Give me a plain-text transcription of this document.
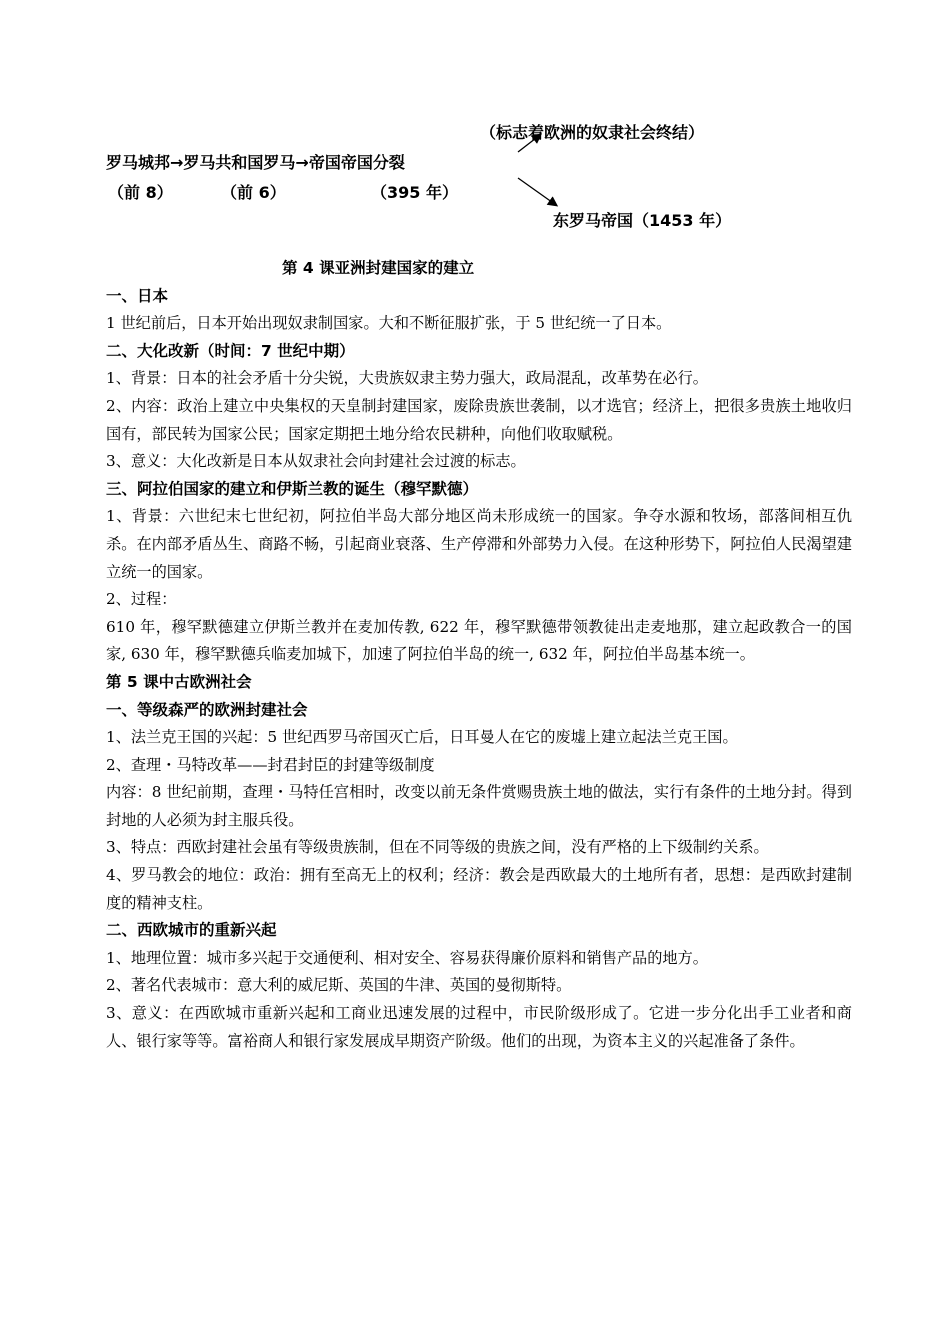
（标志着欧洲的奴隶社会终结）
罗马城邦→罗马共和国罗马→帝国帝国分裂
（前 8）	（前 6）	（395 年）
东罗马帝国（1453 年）

第 4 课亚洲封建国家的建立

一、日本

1 世纪前后，日本开始出现奴隶制国家。大和不断征服扩张，于 5 世纪统一了日本。

二、大化改新（时间：7 世纪中期）

1、背景：日本的社会矛盾十分尖锐，大贵族奴隶主势力强大，政局混乱，改革势在必行。

2、内容：政治上建立中央集权的天皇制封建国家，废除贵族世袭制，以才选官；经济上，把很多贵族土地收归国有，部民转为国家公民；国家定期把土地分给农民耕种，向他们收取赋税。

3、意义：大化改新是日本从奴隶社会向封建社会过渡的标志。

三、阿拉伯国家的建立和伊斯兰教的诞生（穆罕默德）

1、背景：六世纪末七世纪初，阿拉伯半岛大部分地区尚未形成统一的国家。争夺水源和牧场，部落间相互仇杀。在内部矛盾丛生、商路不畅，引起商业衰落、生产停滞和外部势力入侵。在这种形势下，阿拉伯人民渴望建立统一的国家。

2、过程：

610 年，穆罕默德建立伊斯兰教并在麦加传教, 622 年，穆罕默德带领教徒出走麦地那，建立起政教合一的国家, 630 年，穆罕默德兵临麦加城下，加速了阿拉伯半岛的统一, 632 年，阿拉伯半岛基本统一。

第 5 课中古欧洲社会

一、等级森严的欧洲封建社会

1、法兰克王国的兴起：5 世纪西罗马帝国灭亡后，日耳曼人在它的废墟上建立起法兰克王国。

2、查理・马特改革——封君封臣的封建等级制度

内容：8 世纪前期，查理・马特任宫相时，改变以前无条件赏赐贵族土地的做法，实行有条件的土地分封。得到封地的人必须为封主服兵役。

3、特点：西欧封建社会虽有等级贵族制，但在不同等级的贵族之间，没有严格的上下级制约关系。

4、罗马教会的地位：政治：拥有至高无上的权利；经济：教会是西欧最大的土地所有者，思想：是西欧封建制度的精神支柱。

二、西欧城市的重新兴起

1、地理位置：城市多兴起于交通便利、相对安全、容易获得廉价原料和销售产品的地方。

2、著名代表城市：意大利的威尼斯、英国的牛津、英国的曼彻斯特。

3、意义：在西欧城市重新兴起和工商业迅速发展的过程中，市民阶级形成了。它进一步分化出手工业者和商人、银行家等等。富裕商人和银行家发展成早期资产阶级。他们的出现，为资本主义的兴起准备了条件。
